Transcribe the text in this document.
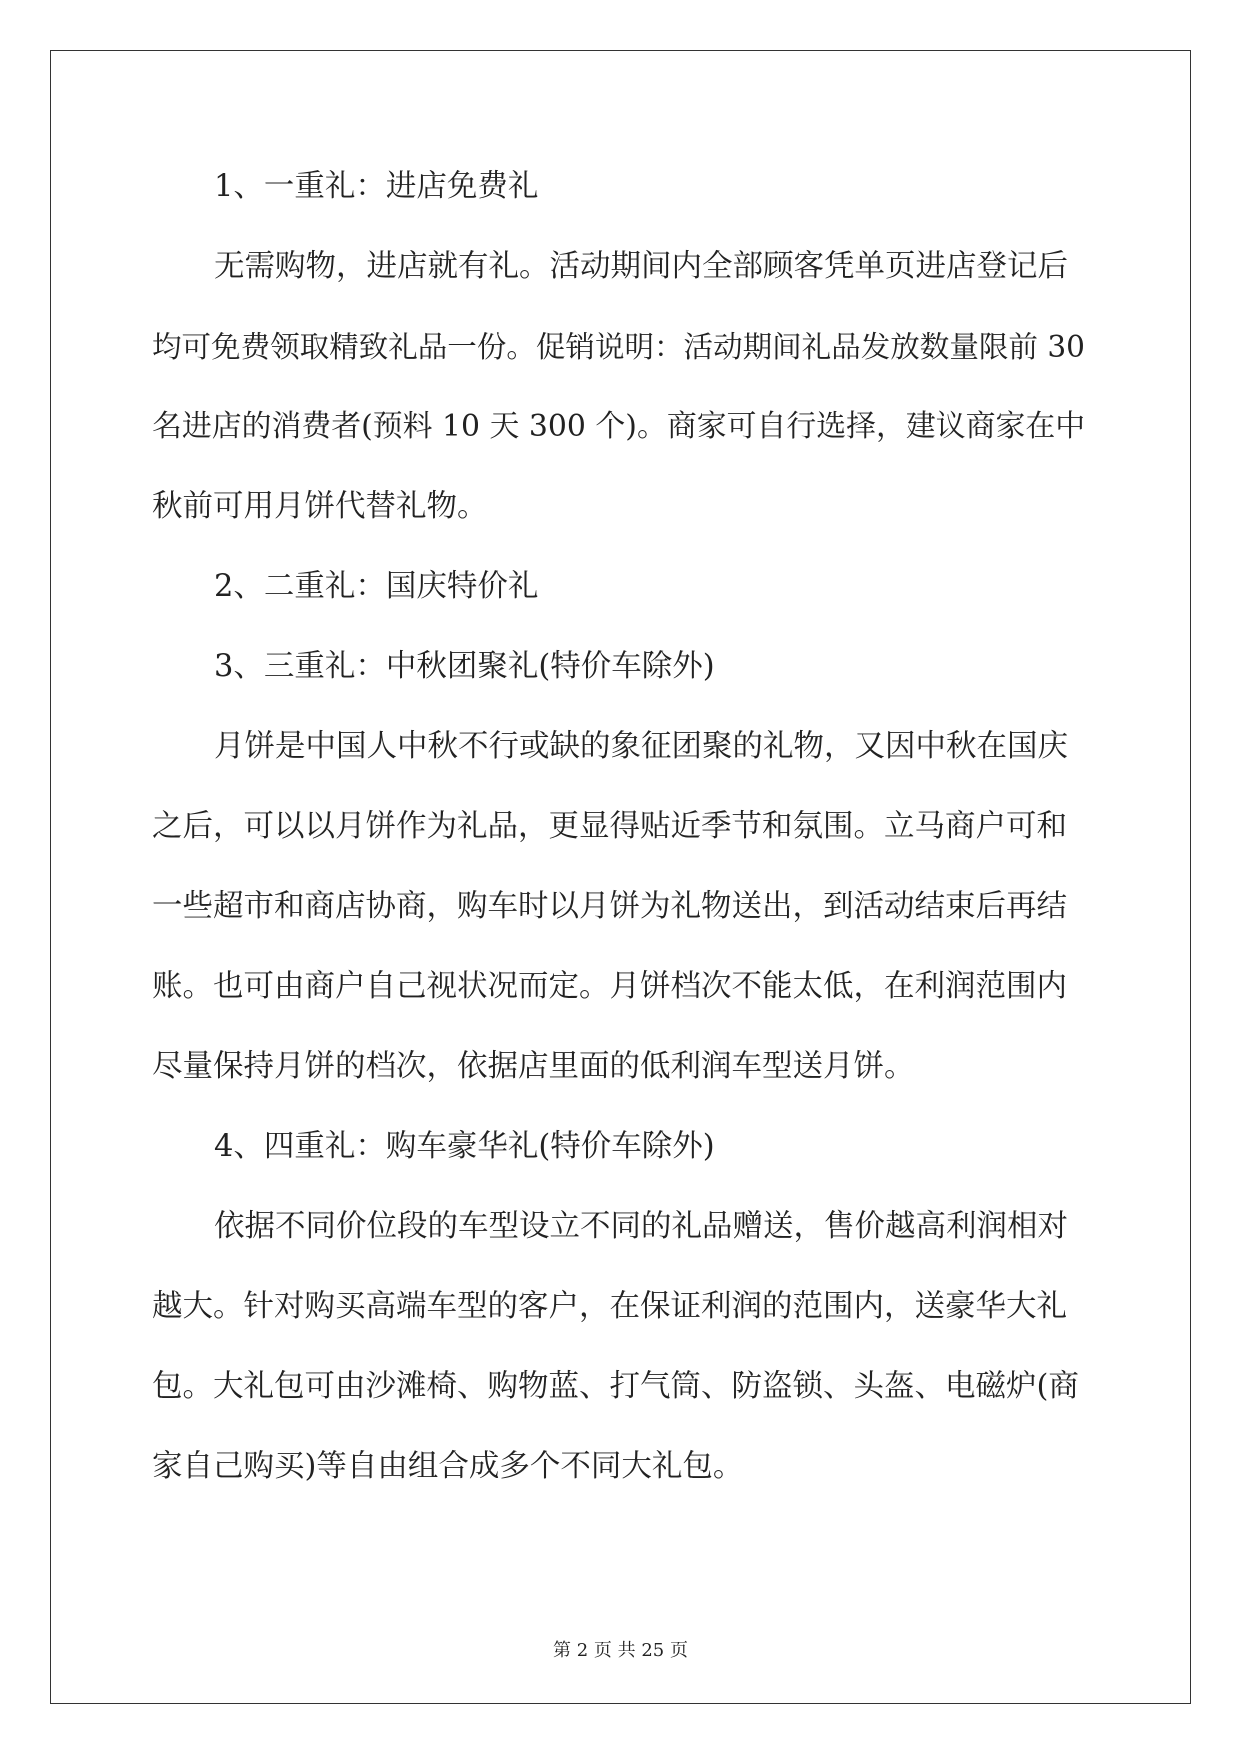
1、一重礼：进店免费礼
无需购物，进店就有礼。活动期间内全部顾客凭单页进店登记后
均可免费领取精致礼品一份。促销说明：活动期间礼品发放数量限前 30
名进店的消费者(预料 10 天 300 个)。商家可自行选择，建议商家在中
秋前可用月饼代替礼物。
2、二重礼：国庆特价礼
3、三重礼：中秋团聚礼(特价车除外)
月饼是中国人中秋不行或缺的象征团聚的礼物，又因中秋在国庆
之后，可以以月饼作为礼品，更显得贴近季节和氛围。立马商户可和
一些超市和商店协商，购车时以月饼为礼物送出，到活动结束后再结
账。也可由商户自己视状况而定。月饼档次不能太低，在利润范围内
尽量保持月饼的档次，依据店里面的低利润车型送月饼。
4、四重礼：购车豪华礼(特价车除外)
依据不同价位段的车型设立不同的礼品赠送，售价越高利润相对
越大。针对购买高端车型的客户，在保证利润的范围内，送豪华大礼
包。大礼包可由沙滩椅、购物蓝、打气筒、防盗锁、头盔、电磁炉(商
家自己购买)等自由组合成多个不同大礼包。
第 2 页 共 25 页
